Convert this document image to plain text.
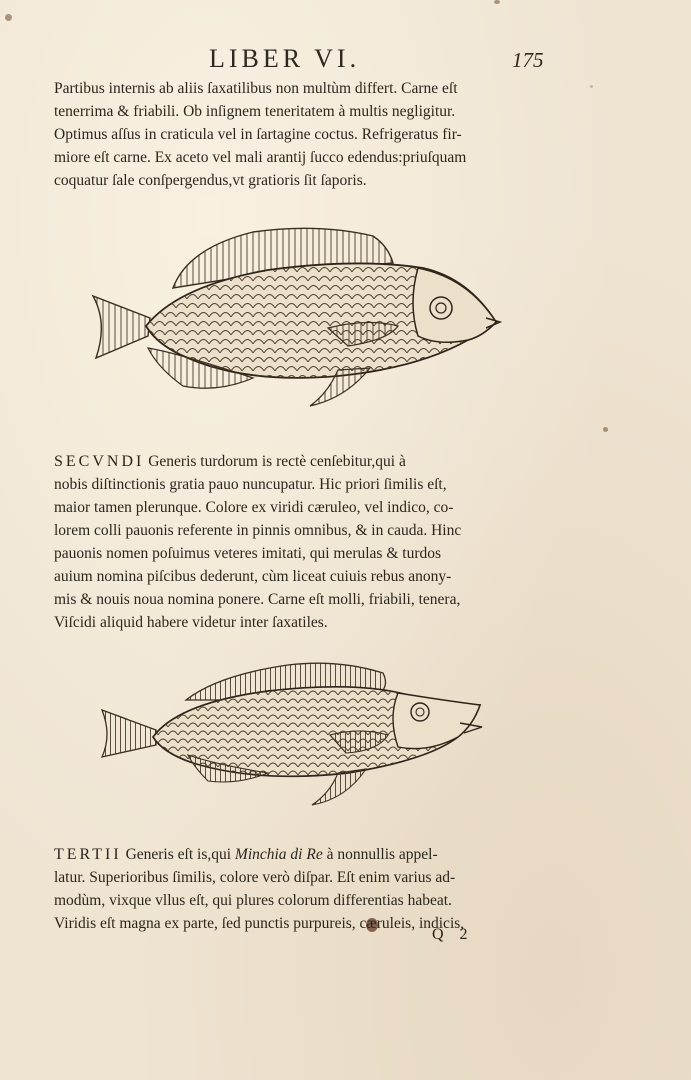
LIBER VI.	175
Partibus internis ab aliis ſaxatilibus non multùm differt. Carne eſt
tenerrima & friabili. Ob inſignem teneritatem à multis negligitur.
Optimus aſſus in craticula vel in ſartagine coctus. Refrigeratus fir-
miore eſt carne. Ex aceto vel mali arantij ſucco edendus:priuſquam
coquatur ſale conſpergendus,vt gratioris ſit ſaporis.
SECVNDI Generis turdorum is rectè cenſebitur,qui à
nobis diſtinctionis gratia pauo nuncupatur. Hic priori ſimilis eſt,
maior tamen plerunque. Colore ex viridi cæruleo, vel indico, co-
lorem colli pauonis referente in pinnis omnibus, & in cauda. Hinc
pauonis nomen poſuimus veteres imitati, qui merulas & turdos
auium nomina piſcibus dederunt, cùm liceat cuiuis rebus anony-
mis & nouis noua nomina ponere. Carne eſt molli, friabili, tenera,
Viſcidi aliquid habere videtur inter ſaxatiles.
TERTII Generis eſt is,qui Minchia di Re à nonnullis appel-
latur. Superioribus ſimilis, colore verò diſpar. Eſt enim varius ad-
modùm, vixque vllus eſt, qui plures colorum differentias habeat.
Viridis eſt magna ex parte, ſed punctis purpureis, cæruleis, indicis,
Q 2
